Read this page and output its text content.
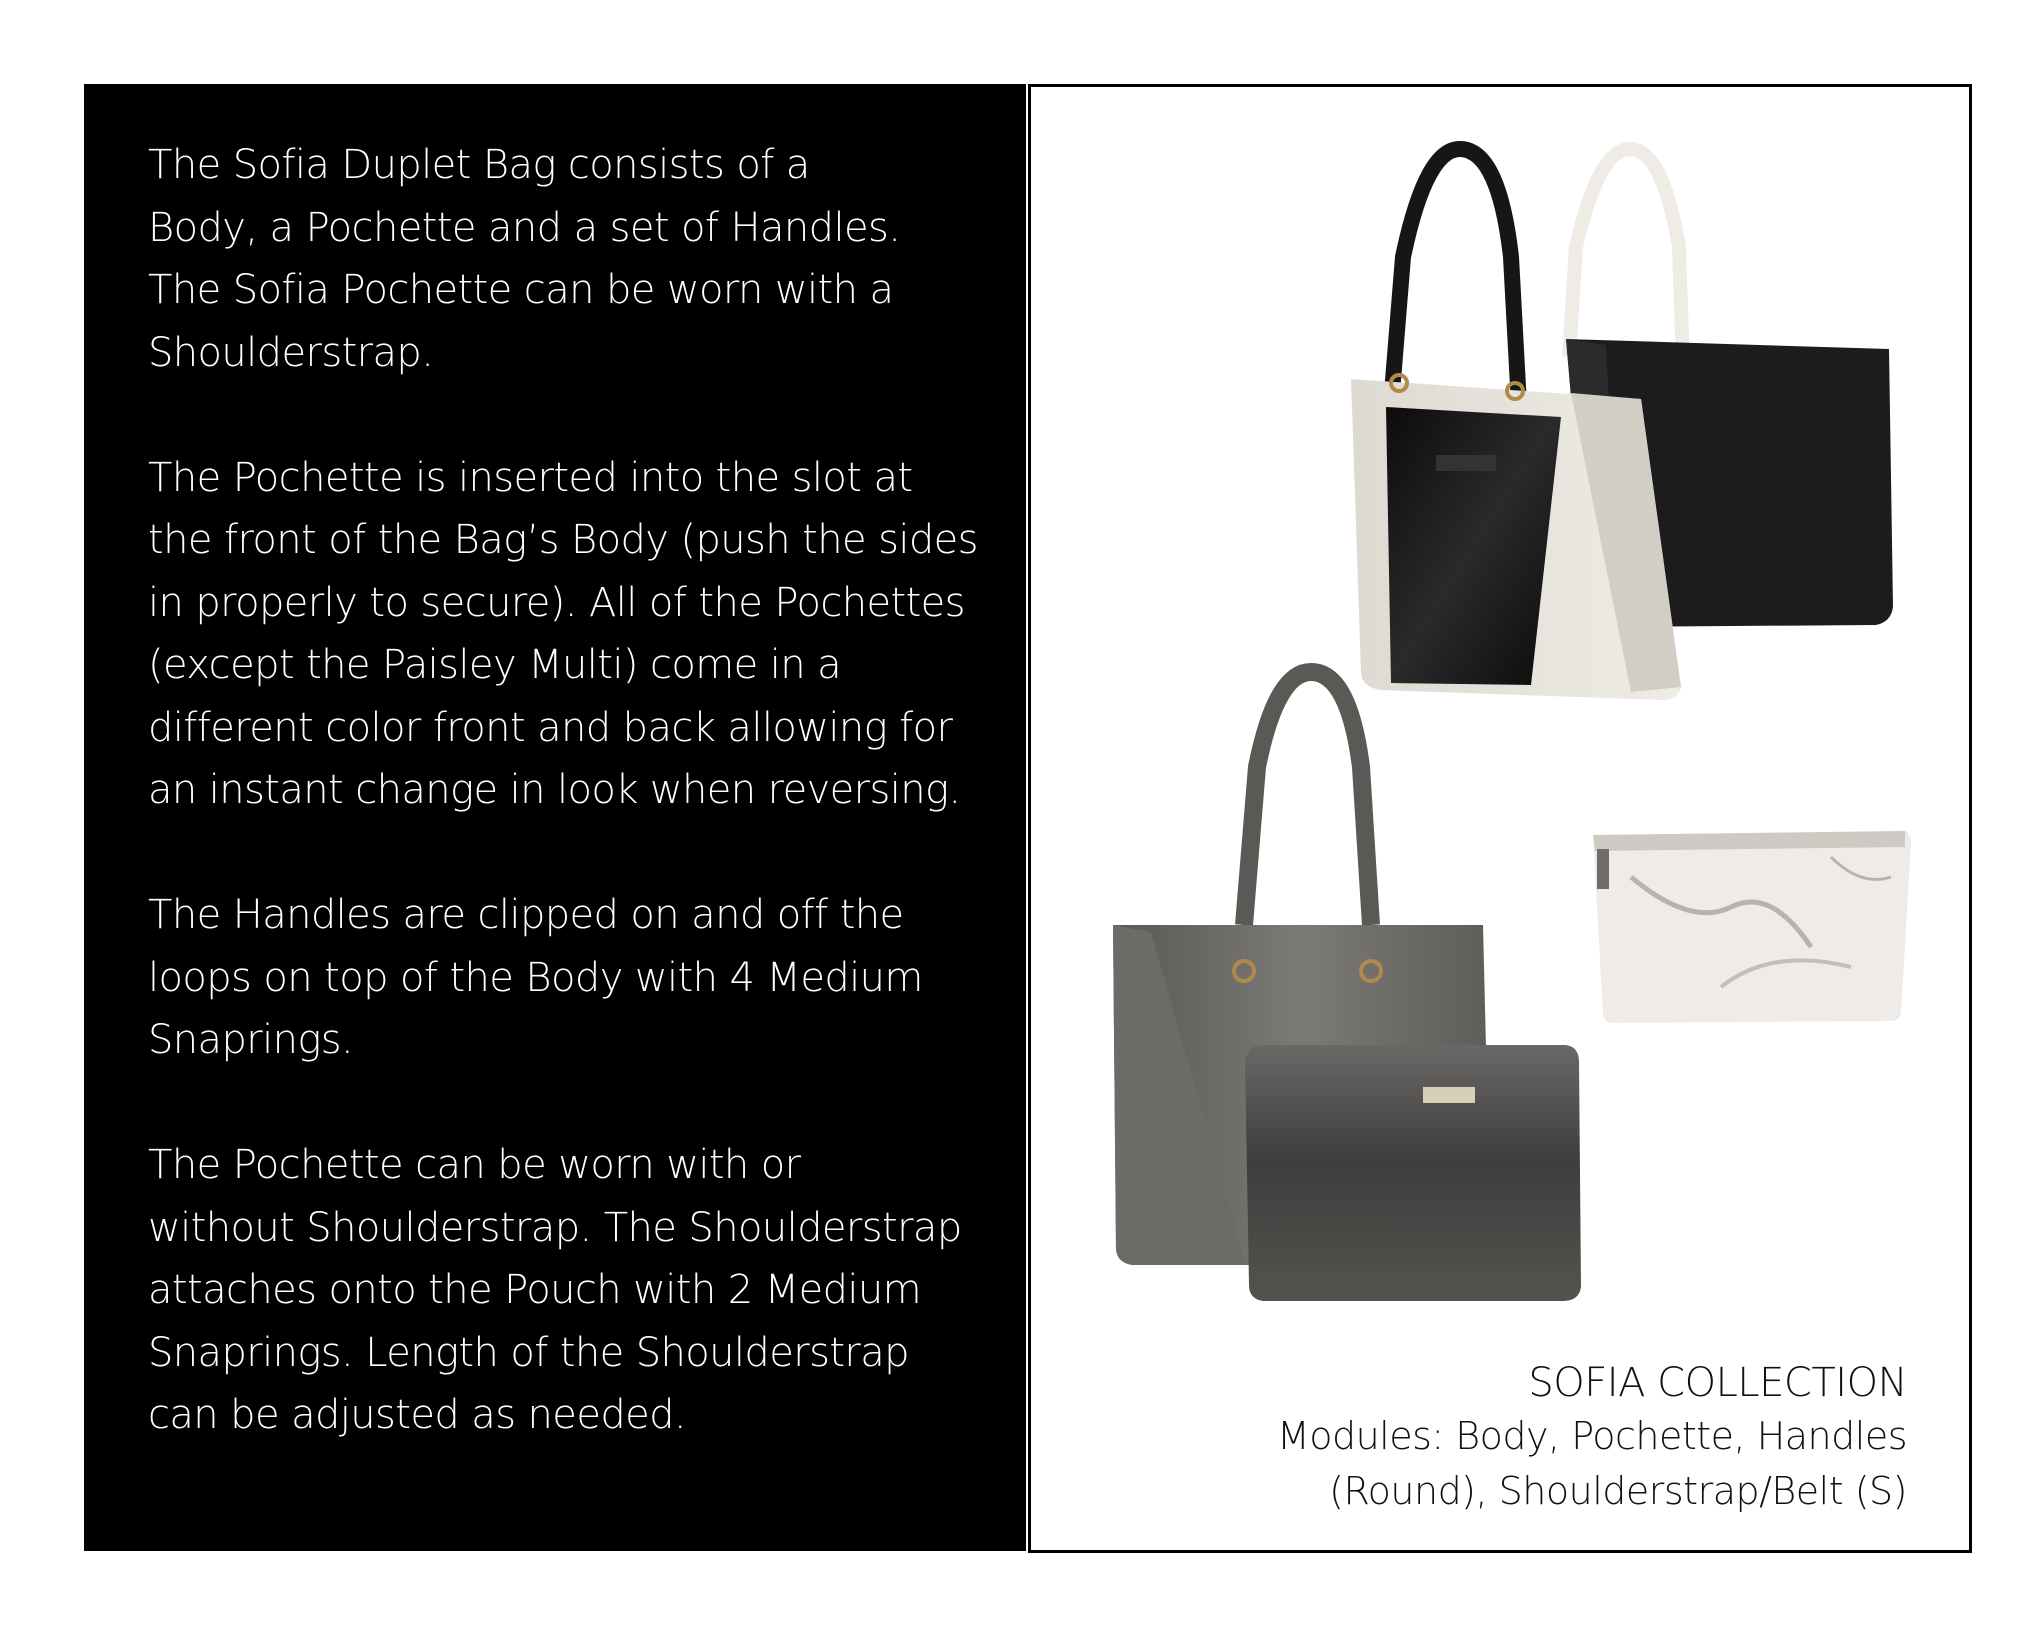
The Sofia Duplet Bag consists of a
Body, a Pochette and a set of Handles.
The Sofia Pochette can be worn with a
Shoulderstrap.

The Pochette is inserted into the slot at
the front of the Bag’s Body (push the sides
in properly to secure). All of the Pochettes
(except the Paisley Multi) come in a
different color front and back allowing for
an instant change in look when reversing.

The Handles are clipped on and off the
loops on top of the Body with 4 Medium
Snaprings.

The Pochette can be worn with or
without Shoulderstrap. The Shoulderstrap
attaches onto the Pouch with 2 Medium
Snaprings. Length of the Shoulderstrap
can be adjusted as needed.

SOFIA COLLECTION
Modules: Body, Pochette, Handles
(Round), Shoulderstrap/Belt (S)
